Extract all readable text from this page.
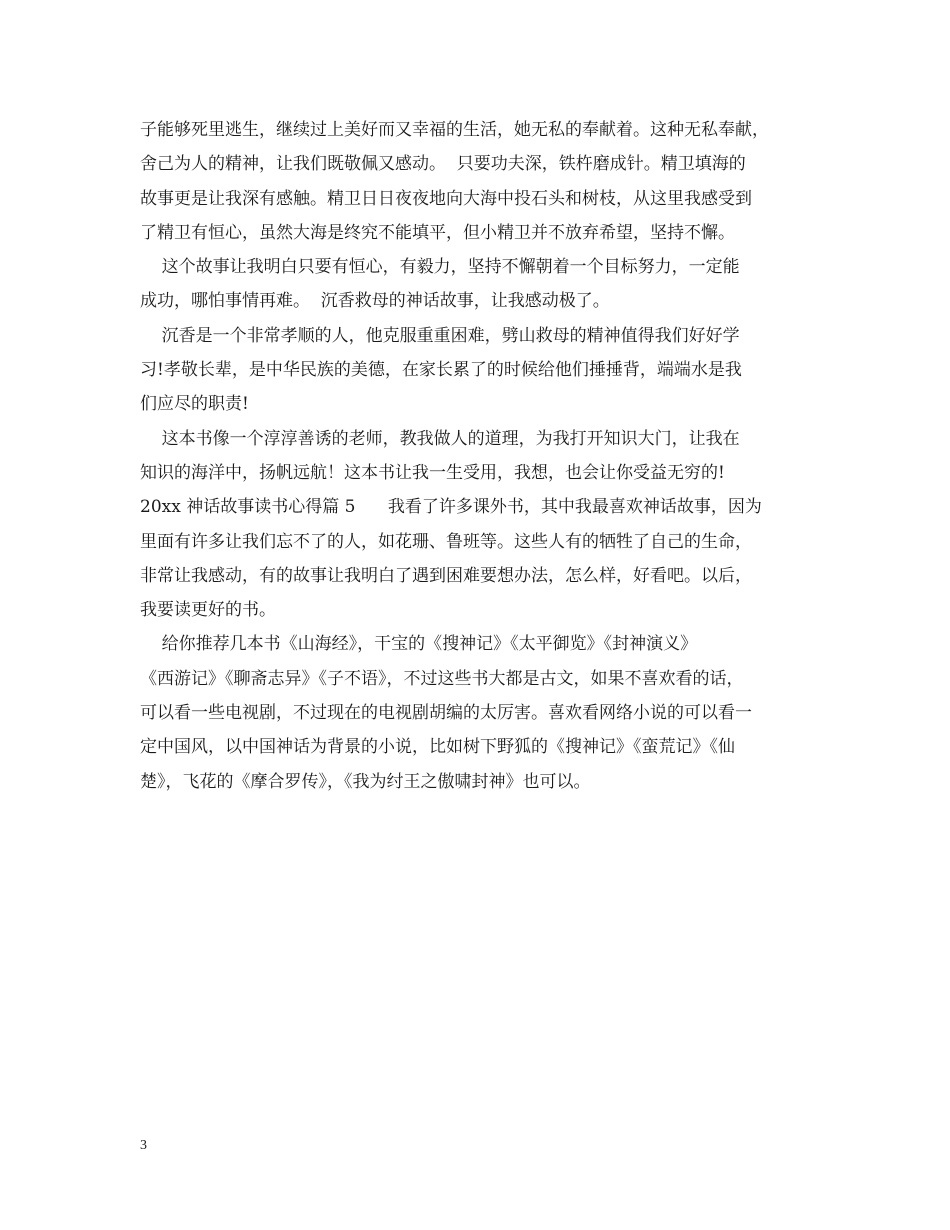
子能够死里逃生，继续过上美好而又幸福的生活，她无私的奉献着。这种无私奉献，
舍己为人的精神，让我们既敬佩又感动。  只要功夫深，铁杵磨成针。精卫填海的
故事更是让我深有感触。精卫日日夜夜地向大海中投石头和树枝，从这里我感受到
了精卫有恒心，虽然大海是终究不能填平，但小精卫并不放弃希望，坚持不懈。
这个故事让我明白只要有恒心，有毅力，坚持不懈朝着一个目标努力，一定能
成功，哪怕事情再难。  沉香救母的神话故事，让我感动极了。
沉香是一个非常孝顺的人，他克服重重困难，劈山救母的精神值得我们好好学
习!孝敬长辈，是中华民族的美德，在家长累了的时候给他们捶捶背，端端水是我
们应尽的职责!
这本书像一个淳淳善诱的老师，教我做人的道理，为我打开知识大门，让我在
知识的海洋中，扬帆远航！这本书让我一生受用，我想，也会让你受益无穷的!
20xx 神话故事读书心得篇 5      我看了许多课外书，其中我最喜欢神话故事，因为
里面有许多让我们忘不了的人，如花珊、鲁班等。这些人有的牺牲了自己的生命，
非常让我感动，有的故事让我明白了遇到困难要想办法，怎么样，好看吧。以后，
我要读更好的书。
给你推荐几本书《山海经》，干宝的《搜神记》《太平御览》《封神演义》
《西游记》《聊斋志异》《子不语》，不过这些书大都是古文，如果不喜欢看的话，
可以看一些电视剧，不过现在的电视剧胡编的太厉害。喜欢看网络小说的可以看一
定中国风，以中国神话为背景的小说，比如树下野狐的《搜神记》《蛮荒记》《仙
楚》，飞花的《摩合罗传》，《我为纣王之傲啸封神》也可以。
3
